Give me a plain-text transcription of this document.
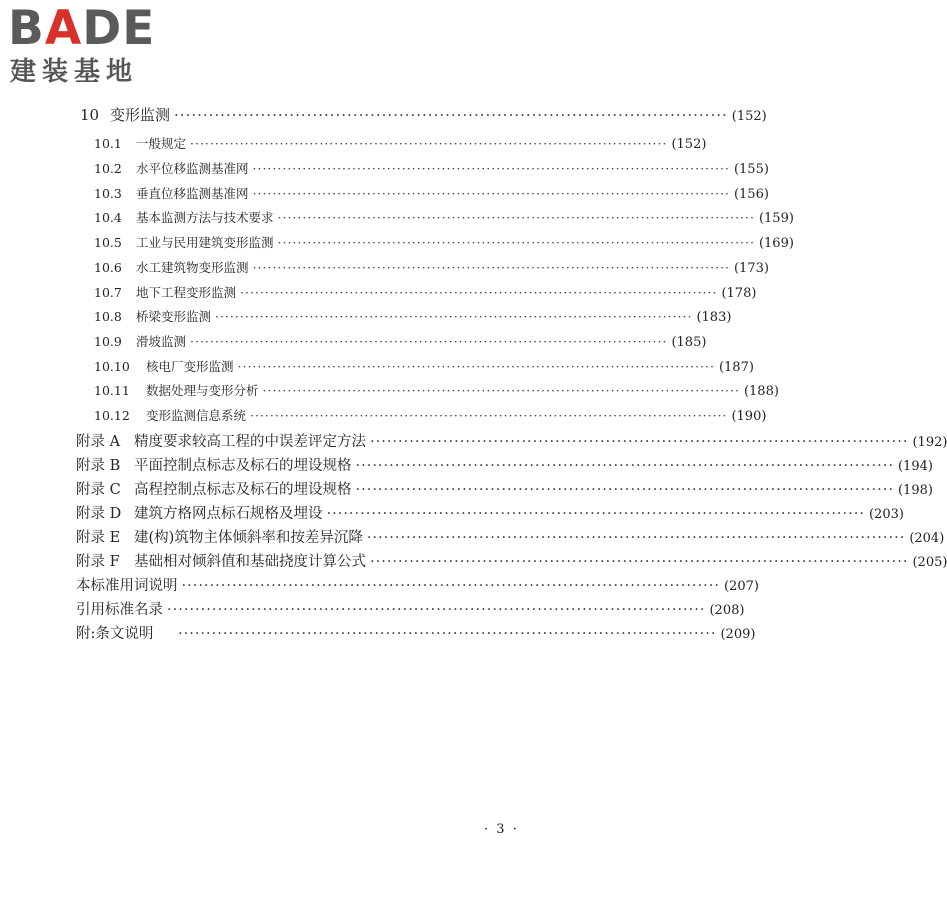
BADE
建装基地
10 变形监测 ································································································ (152)
10.1	一般规定 ································································································ (152)
10.2	水平位移监测基准网 ································································································ (155)
10.3	垂直位移监测基准网 ································································································ (156)
10.4	基本监测方法与技术要求 ································································································ (159)
10.5	工业与民用建筑变形监测 ································································································ (169)
10.6	水工建筑物变形监测 ································································································ (173)
10.7	地下工程变形监测 ································································································ (178)
10.8	桥梁变形监测 ································································································ (183)
10.9	滑坡监测 ································································································ (185)
10.10	核电厂变形监测 ································································································ (187)
10.11	数据处理与变形分析 ································································································ (188)
10.12	变形监测信息系统 ································································································ (190)
附录 A 精度要求较高工程的中误差评定方法 ································································································ (192)
附录 B 平面控制点标志及标石的埋设规格 ································································································ (194)
附录 C 高程控制点标志及标石的埋设规格 ································································································ (198)
附录 D 建筑方格网点标石规格及埋设 ································································································ (203)
附录 E 建(构)筑物主体倾斜率和按差异沉降 ································································································ (204)
附录 F 基础相对倾斜值和基础挠度计算公式 ································································································ (205)
本标准用词说明 ································································································ (207)
引用标准名录 ································································································ (208)
附:条文说明	································································································ (209)
· 3 ·
